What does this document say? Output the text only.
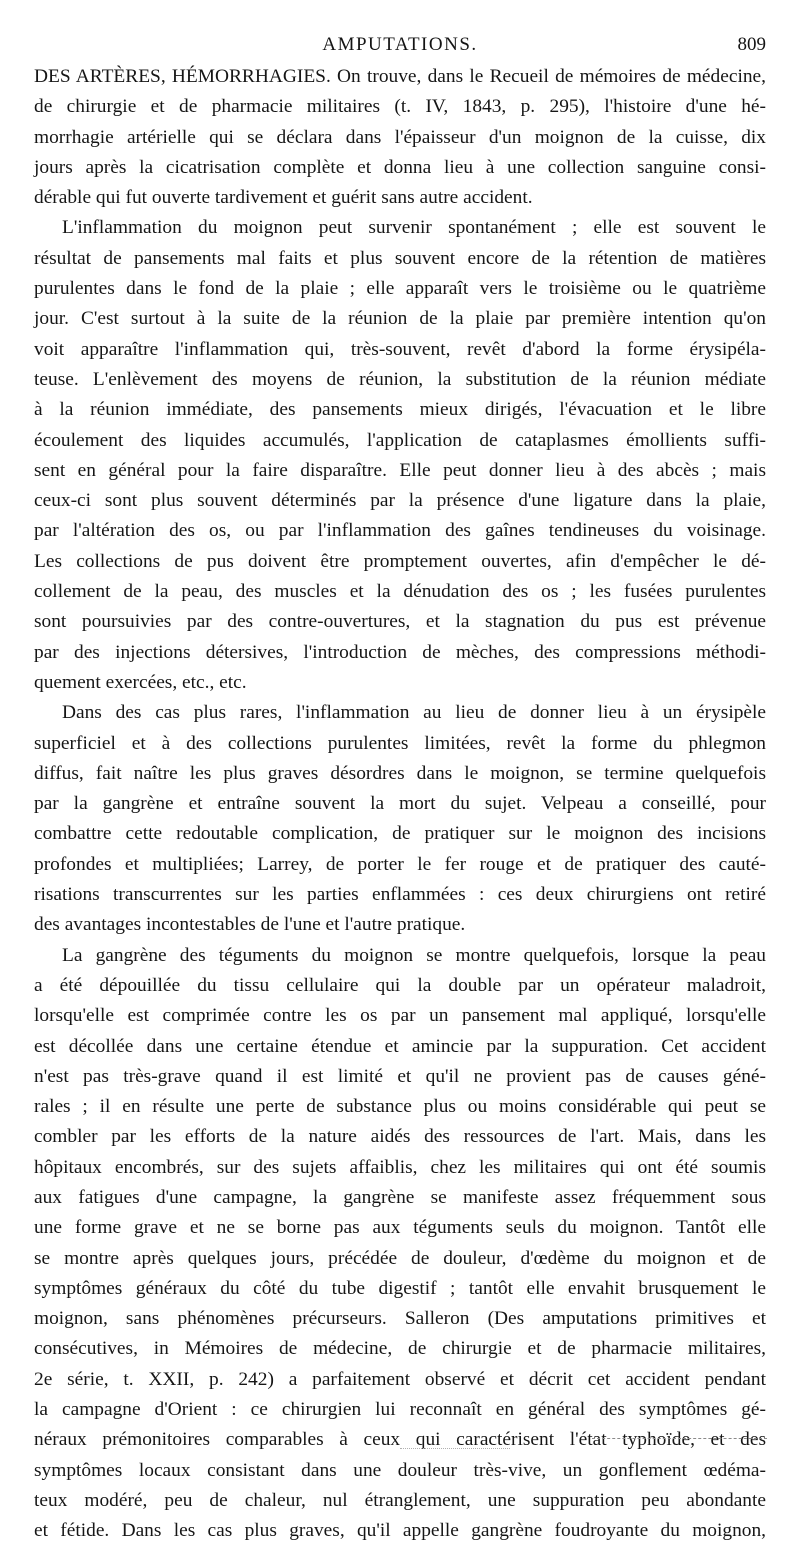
AMPUTATIONS.	809
DES ARTÈRES, HÉMORRHAGIES. On trouve, dans le Recueil de mémoires de médecine,
de chirurgie et de pharmacie militaires (t. IV, 1843, p. 295), l'histoire d'une hé-
morrhagie artérielle qui se déclara dans l'épaisseur d'un moignon de la cuisse, dix
jours après la cicatrisation complète et donna lieu à une collection sanguine consi-
dérable qui fut ouverte tardivement et guérit sans autre accident.
L'inflammation du moignon peut survenir spontanément ; elle est souvent le
résultat de pansements mal faits et plus souvent encore de la rétention de matières
purulentes dans le fond de la plaie ; elle apparaît vers le troisième ou le quatrième
jour. C'est surtout à la suite de la réunion de la plaie par première intention qu'on
voit apparaître l'inflammation qui, très-souvent, revêt d'abord la forme érysipéla-
teuse. L'enlèvement des moyens de réunion, la substitution de la réunion médiate
à la réunion immédiate, des pansements mieux dirigés, l'évacuation et le libre
écoulement des liquides accumulés, l'application de cataplasmes émollients suffi-
sent en général pour la faire disparaître. Elle peut donner lieu à des abcès ; mais
ceux-ci sont plus souvent déterminés par la présence d'une ligature dans la plaie,
par l'altération des os, ou par l'inflammation des gaînes tendineuses du voisinage.
Les collections de pus doivent être promptement ouvertes, afin d'empêcher le dé-
collement de la peau, des muscles et la dénudation des os ; les fusées purulentes
sont poursuivies par des contre-ouvertures, et la stagnation du pus est prévenue
par des injections détersives, l'introduction de mèches, des compressions méthodi-
quement exercées, etc., etc.
Dans des cas plus rares, l'inflammation au lieu de donner lieu à un érysipèle
superficiel et à des collections purulentes limitées, revêt la forme du phlegmon
diffus, fait naître les plus graves désordres dans le moignon, se termine quelquefois
par la gangrène et entraîne souvent la mort du sujet. Velpeau a conseillé, pour
combattre cette redoutable complication, de pratiquer sur le moignon des incisions
profondes et multipliées; Larrey, de porter le fer rouge et de pratiquer des cauté-
risations transcurrentes sur les parties enflammées : ces deux chirurgiens ont retiré
des avantages incontestables de l'une et l'autre pratique.
La gangrène des téguments du moignon se montre quelquefois, lorsque la peau
a été dépouillée du tissu cellulaire qui la double par un opérateur maladroit,
lorsqu'elle est comprimée contre les os par un pansement mal appliqué, lorsqu'elle
est décollée dans une certaine étendue et amincie par la suppuration. Cet accident
n'est pas très-grave quand il est limité et qu'il ne provient pas de causes géné-
rales ; il en résulte une perte de substance plus ou moins considérable qui peut se
combler par les efforts de la nature aidés des ressources de l'art. Mais, dans les
hôpitaux encombrés, sur des sujets affaiblis, chez les militaires qui ont été soumis
aux fatigues d'une campagne, la gangrène se manifeste assez fréquemment sous
une forme grave et ne se borne pas aux téguments seuls du moignon. Tantôt elle
se montre après quelques jours, précédée de douleur, d'œdème du moignon et de
symptômes généraux du côté du tube digestif ; tantôt elle envahit brusquement le
moignon, sans phénomènes précurseurs. Salleron (Des amputations primitives et
consécutives, in Mémoires de médecine, de chirurgie et de pharmacie militaires,
2e série, t. XXII, p. 242) a parfaitement observé et décrit cet accident pendant
la campagne d'Orient : ce chirurgien lui reconnaît en général des symptômes gé-
néraux prémonitoires comparables à ceux qui caractérisent l'état typhoïde, et des
symptômes locaux consistant dans une douleur très-vive, un gonflement œdéma-
teux modéré, peu de chaleur, nul étranglement, une suppuration peu abondante
et fétide. Dans les cas plus graves, qu'il appelle gangrène foudroyante du moignon,
